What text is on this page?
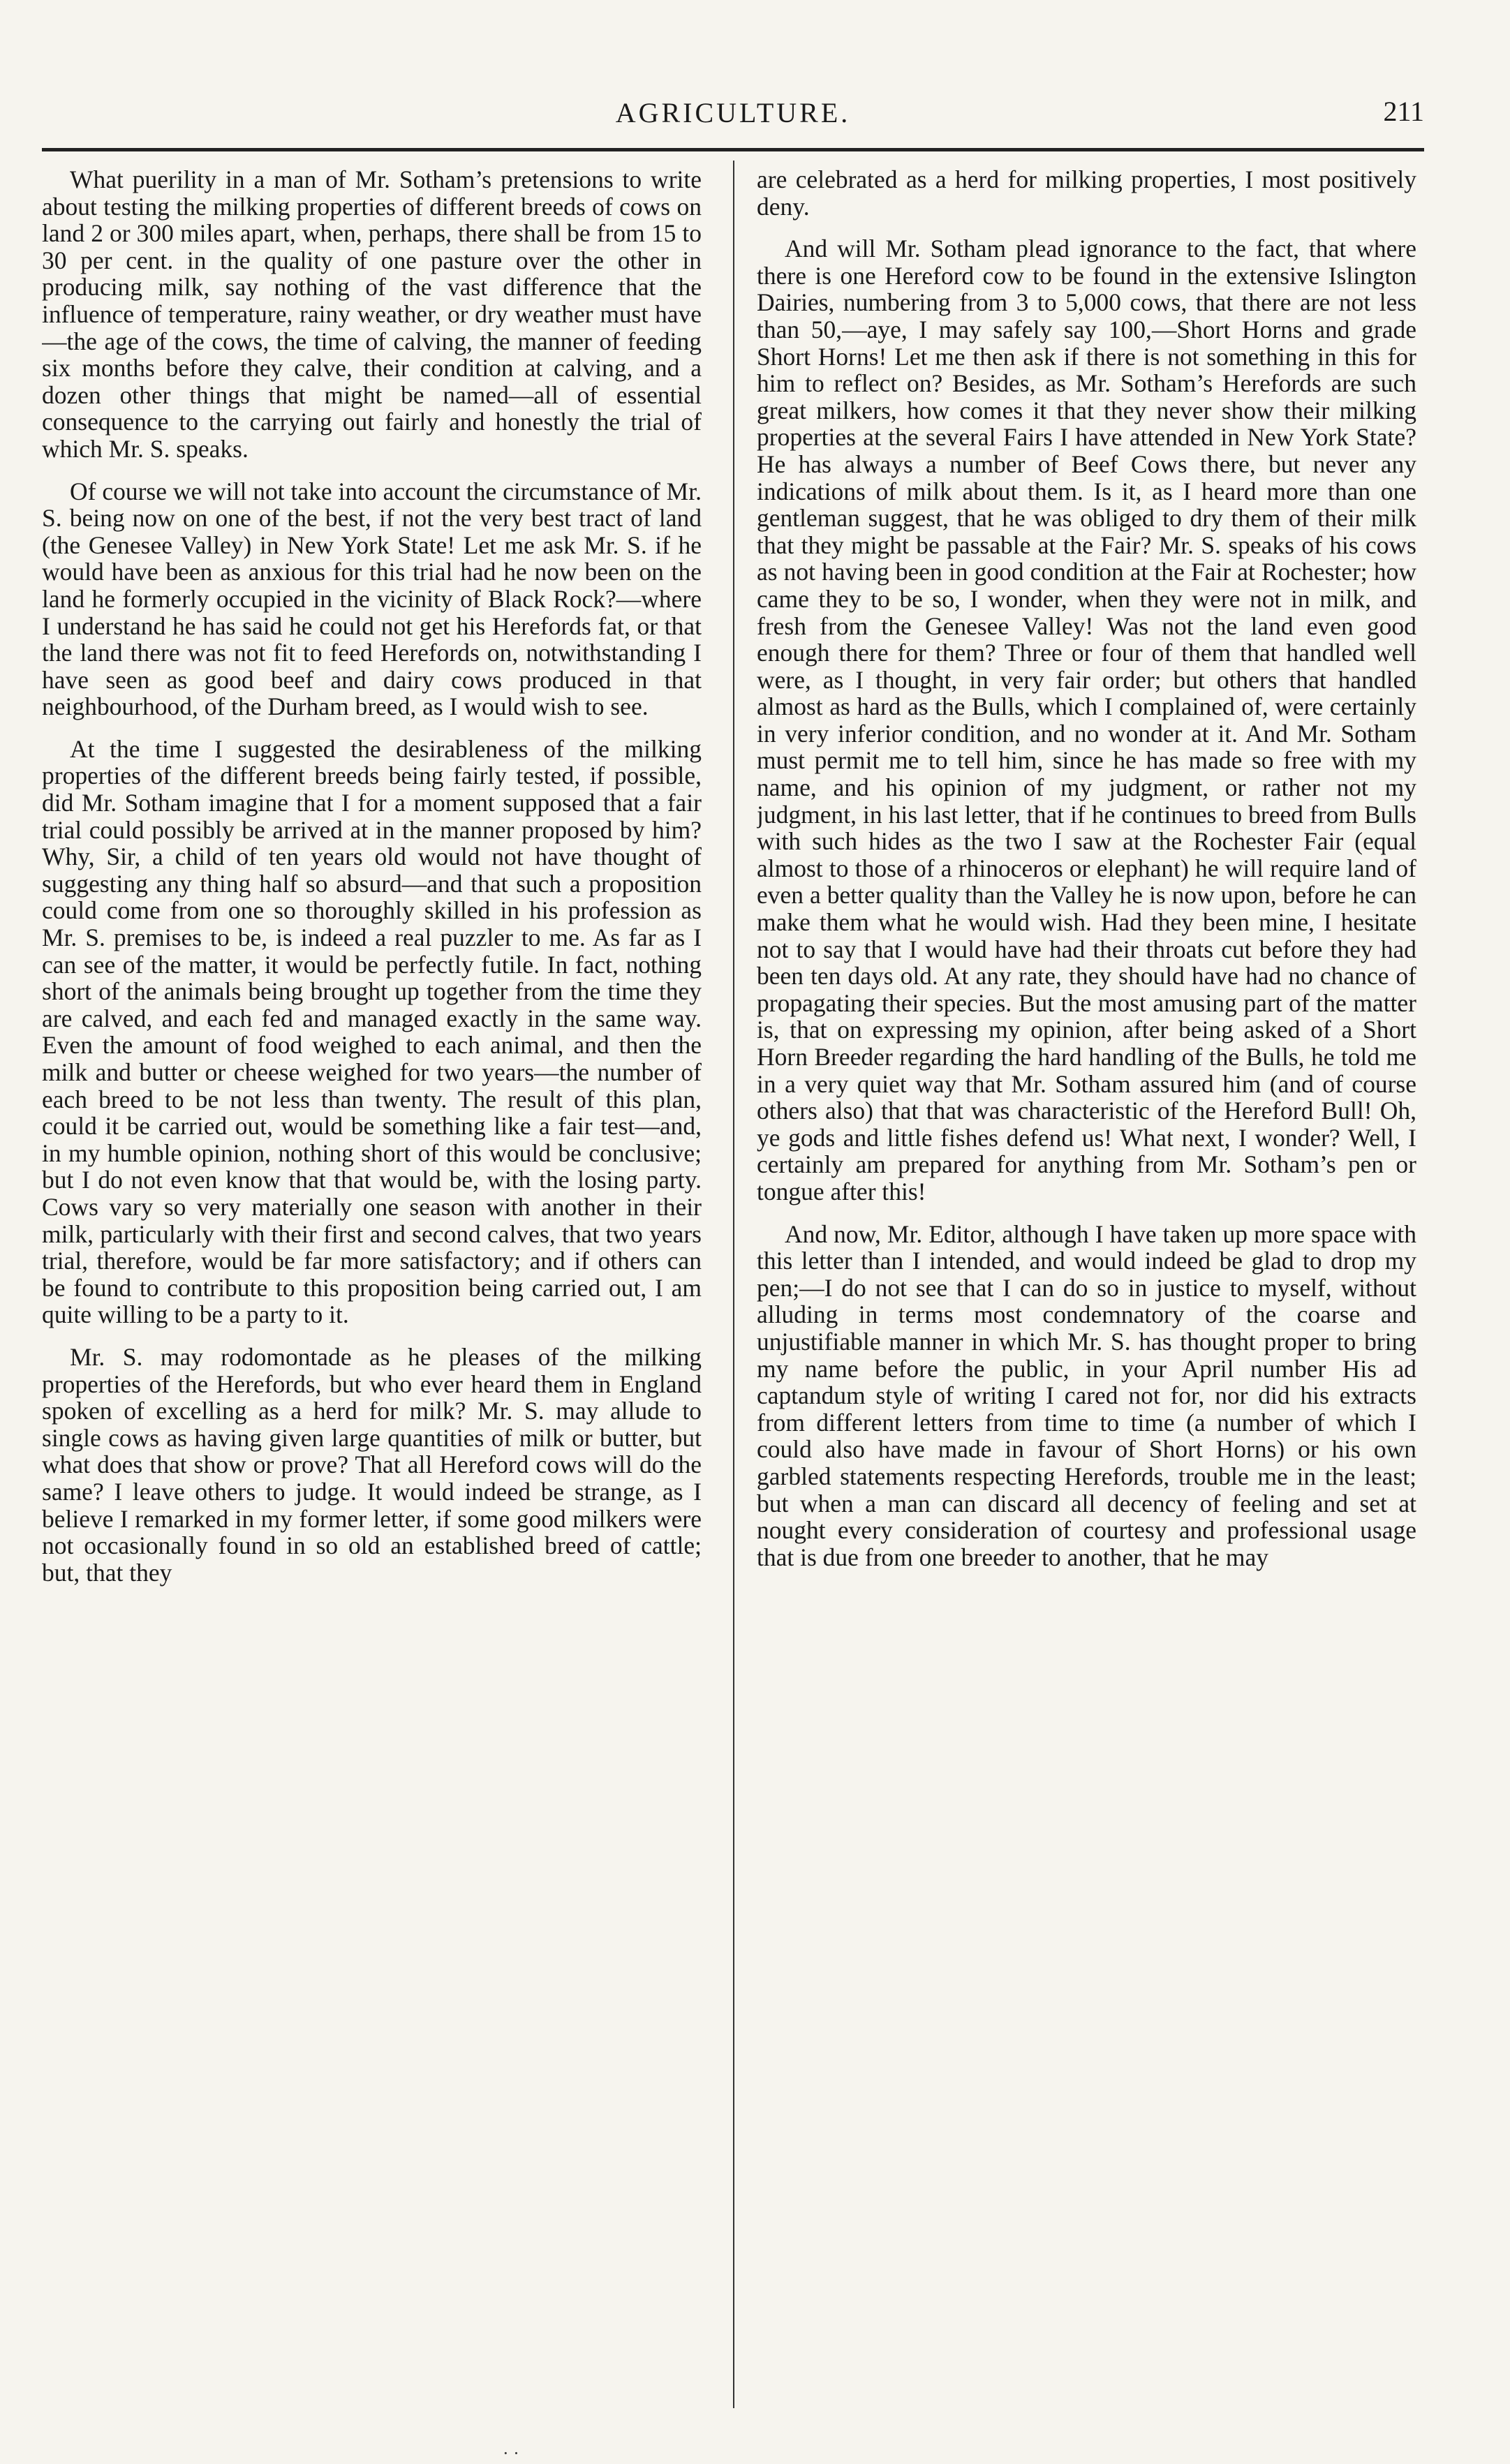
AGRICULTURE.	211

What puerility in a man of Mr. Sotham’s pretensions to write about testing the milking properties of different breeds of cows on land 2 or 300 miles apart, when, perhaps, there shall be from 15 to 30 per cent. in the quality of one pasture over the other in producing milk, say nothing of the vast difference that the influence of temperature, rainy weather, or dry weather must have—the age of the cows, the time of calving, the manner of feeding six months before they calve, their condition at calving, and a dozen other things that might be named—all of essential consequence to the carrying out fairly and honestly the trial of which Mr. S. speaks.

Of course we will not take into account the circumstance of Mr. S. being now on one of the best, if not the very best tract of land (the Genesee Valley) in New York State! Let me ask Mr. S. if he would have been as anxious for this trial had he now been on the land he formerly occupied in the vicinity of Black Rock?—where I understand he has said he could not get his Herefords fat, or that the land there was not fit to feed Herefords on, notwithstanding I have seen as good beef and dairy cows produced in that neighbourhood, of the Durham breed, as I would wish to see.

At the time I suggested the desirableness of the milking properties of the different breeds being fairly tested, if possible, did Mr. Sotham imagine that I for a moment supposed that a fair trial could possibly be arrived at in the manner proposed by him? Why, Sir, a child of ten years old would not have thought of suggesting any thing half so absurd—and that such a proposition could come from one so thoroughly skilled in his profession as Mr. S. premises to be, is indeed a real puzzler to me. As far as I can see of the matter, it would be perfectly futile. In fact, nothing short of the animals being brought up together from the time they are calved, and each fed and managed exactly in the same way. Even the amount of food weighed to each animal, and then the milk and butter or cheese weighed for two years—the number of each breed to be not less than twenty. The result of this plan, could it be carried out, would be something like a fair test—and, in my humble opinion, nothing short of this would be conclusive; but I do not even know that that would be, with the losing party. Cows vary so very materially one season with another in their milk, particularly with their first and second calves, that two years trial, therefore, would be far more satisfactory; and if others can be found to contribute to this proposition being carried out, I am quite willing to be a party to it.

Mr. S. may rodomontade as he pleases of the milking properties of the Herefords, but who ever heard them in England spoken of excelling as a herd for milk? Mr. S. may allude to single cows as having given large quantities of milk or butter, but what does that show or prove? That all Hereford cows will do the same? I leave others to judge. It would indeed be strange, as I believe I remarked in my former letter, if some good milkers were not occasionally found in so old an established breed of cattle; but, that they

are celebrated as a herd for milking properties, I most positively deny.

And will Mr. Sotham plead ignorance to the fact, that where there is one Hereford cow to be found in the extensive Islington Dairies, numbering from 3 to 5,000 cows, that there are not less than 50,—aye, I may safely say 100,—Short Horns and grade Short Horns! Let me then ask if there is not something in this for him to reflect on? Besides, as Mr. Sotham’s Herefords are such great milkers, how comes it that they never show their milking properties at the several Fairs I have attended in New York State? He has always a number of Beef Cows there, but never any indications of milk about them. Is it, as I heard more than one gentleman suggest, that he was obliged to dry them of their milk that they might be passable at the Fair? Mr. S. speaks of his cows as not having been in good condition at the Fair at Rochester; how came they to be so, I wonder, when they were not in milk, and fresh from the Genesee Valley! Was not the land even good enough there for them? Three or four of them that handled well were, as I thought, in very fair order; but others that handled almost as hard as the Bulls, which I complained of, were certainly in very inferior condition, and no wonder at it. And Mr. Sotham must permit me to tell him, since he has made so free with my name, and his opinion of my judgment, or rather not my judgment, in his last letter, that if he continues to breed from Bulls with such hides as the two I saw at the Rochester Fair (equal almost to those of a rhinoceros or elephant) he will require land of even a better quality than the Valley he is now upon, before he can make them what he would wish. Had they been mine, I hesitate not to say that I would have had their throats cut before they had been ten days old. At any rate, they should have had no chance of propagating their species. But the most amusing part of the matter is, that on expressing my opinion, after being asked of a Short Horn Breeder regarding the hard handling of the Bulls, he told me in a very quiet way that Mr. Sotham assured him (and of course others also) that that was characteristic of the Hereford Bull! Oh, ye gods and little fishes defend us! What next, I wonder? Well, I certainly am prepared for anything from Mr. Sotham’s pen or tongue after this!

And now, Mr. Editor, although I have taken up more space with this letter than I intended, and would indeed be glad to drop my pen;—I do not see that I can do so in justice to myself, without alluding in terms most condemnatory of the coarse and unjustifiable manner in which Mr. S. has thought proper to bring my name before the public, in your April number His ad captandum style of writing I cared not for, nor did his extracts from different letters from time to time (a number of which I could also have made in favour of Short Horns) or his own garbled statements respecting Herefords, trouble me in the least; but when a man can discard all decency of feeling and set at nought every consideration of courtesy and professional usage that is due from one breeder to another, that he may

· ·
